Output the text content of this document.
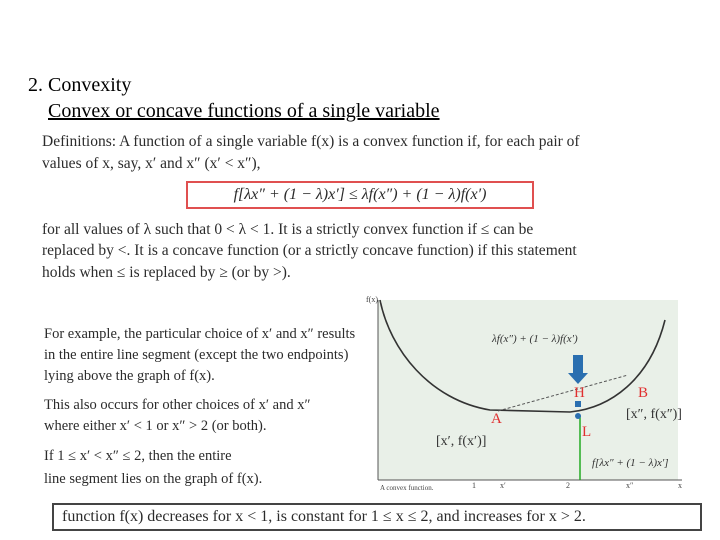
2. Convexity
Convex or concave functions of a single variable
Definitions: A function of a single variable f(x) is a convex function if, for each pair of
values of x, say, x′ and x″ (x′ < x″),
f[λx″ + (1 − λ)x′] ≤ λf(x″) + (1 − λ)f(x′)
for all values of λ such that 0 < λ < 1. It is a strictly convex function if ≤ can be
replaced by <. It is a concave function (or a strictly concave function) if this statement
holds when ≤ is replaced by ≥ (or by >).
For example, the particular choice of x′ and x″ results
in the entire line segment (except the two endpoints)
lying above the graph of f(x).
This also occurs for other choices of x′ and x″
where either x′ < 1 or x″ > 2 (or both).
If 1 ≤ x′ < x″ ≤ 2, then the entire
line segment lies on the graph of f(x).
f(x)
λf(x″) + (1 − λ)f(x′)
A
B
H
L
[x′, f(x′)]
[x″, f(x″)]
f[λx″ + (1 − λ)x′]
1	x′	2	x″	x
A convex function.
function f(x) decreases for x < 1, is constant for 1 ≤ x ≤ 2, and increases for x > 2.
